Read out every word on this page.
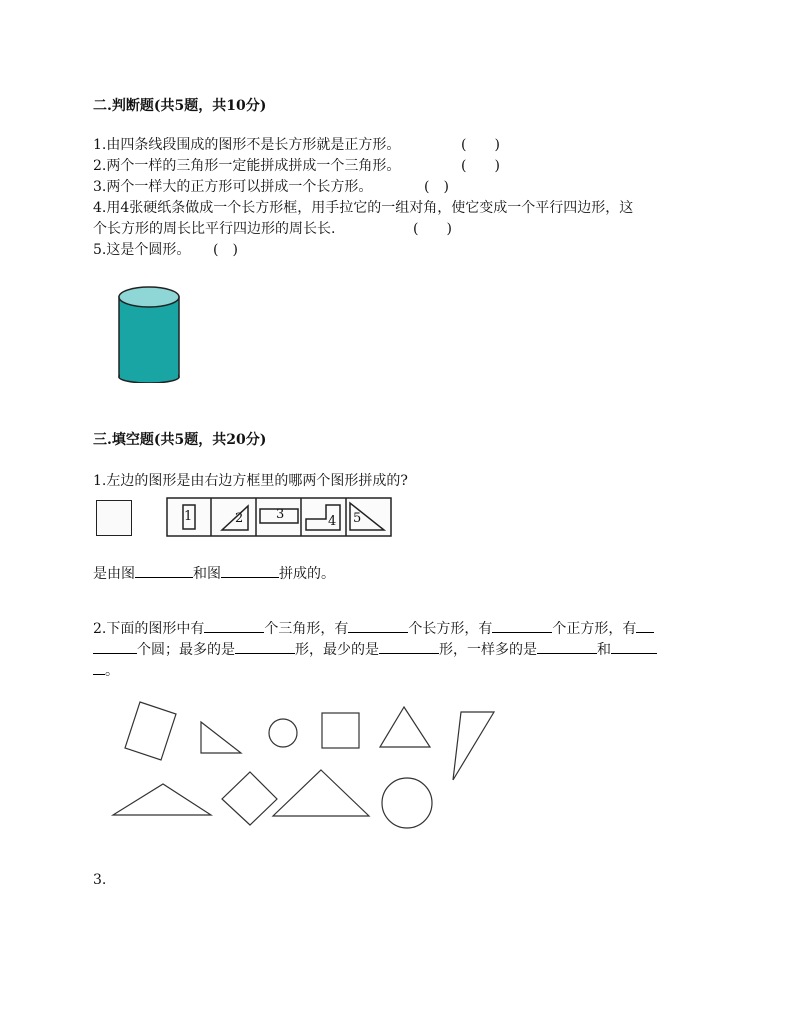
二.判断题(共5题，共10分)
1.由四条线段围成的图形不是长方形就是正方形。	(　　)
2.两个一样的三角形一定能拼成拼成一个三角形。	(　　)
3.两个一样大的正方形可以拼成一个长方形。	(　)
4.用4张硬纸条做成一个长方形框，用手拉它的一组对角，使它变成一个平行四边形，这
个长方形的周长比平行四边形的周长长.	(　　)
5.这是个圆形。 (　)
三.填空题(共5题，共20分)
1.左边的图形是由右边方框里的哪两个图形拼成的?
1	2	3	4 5
是由图	和图	拼成的。
2.下面的图形中有	个三角形，有	个长方形，有	个正方形，有
个圆；最多的是	形，最少的是	形，一样多的是	和
。
3.
